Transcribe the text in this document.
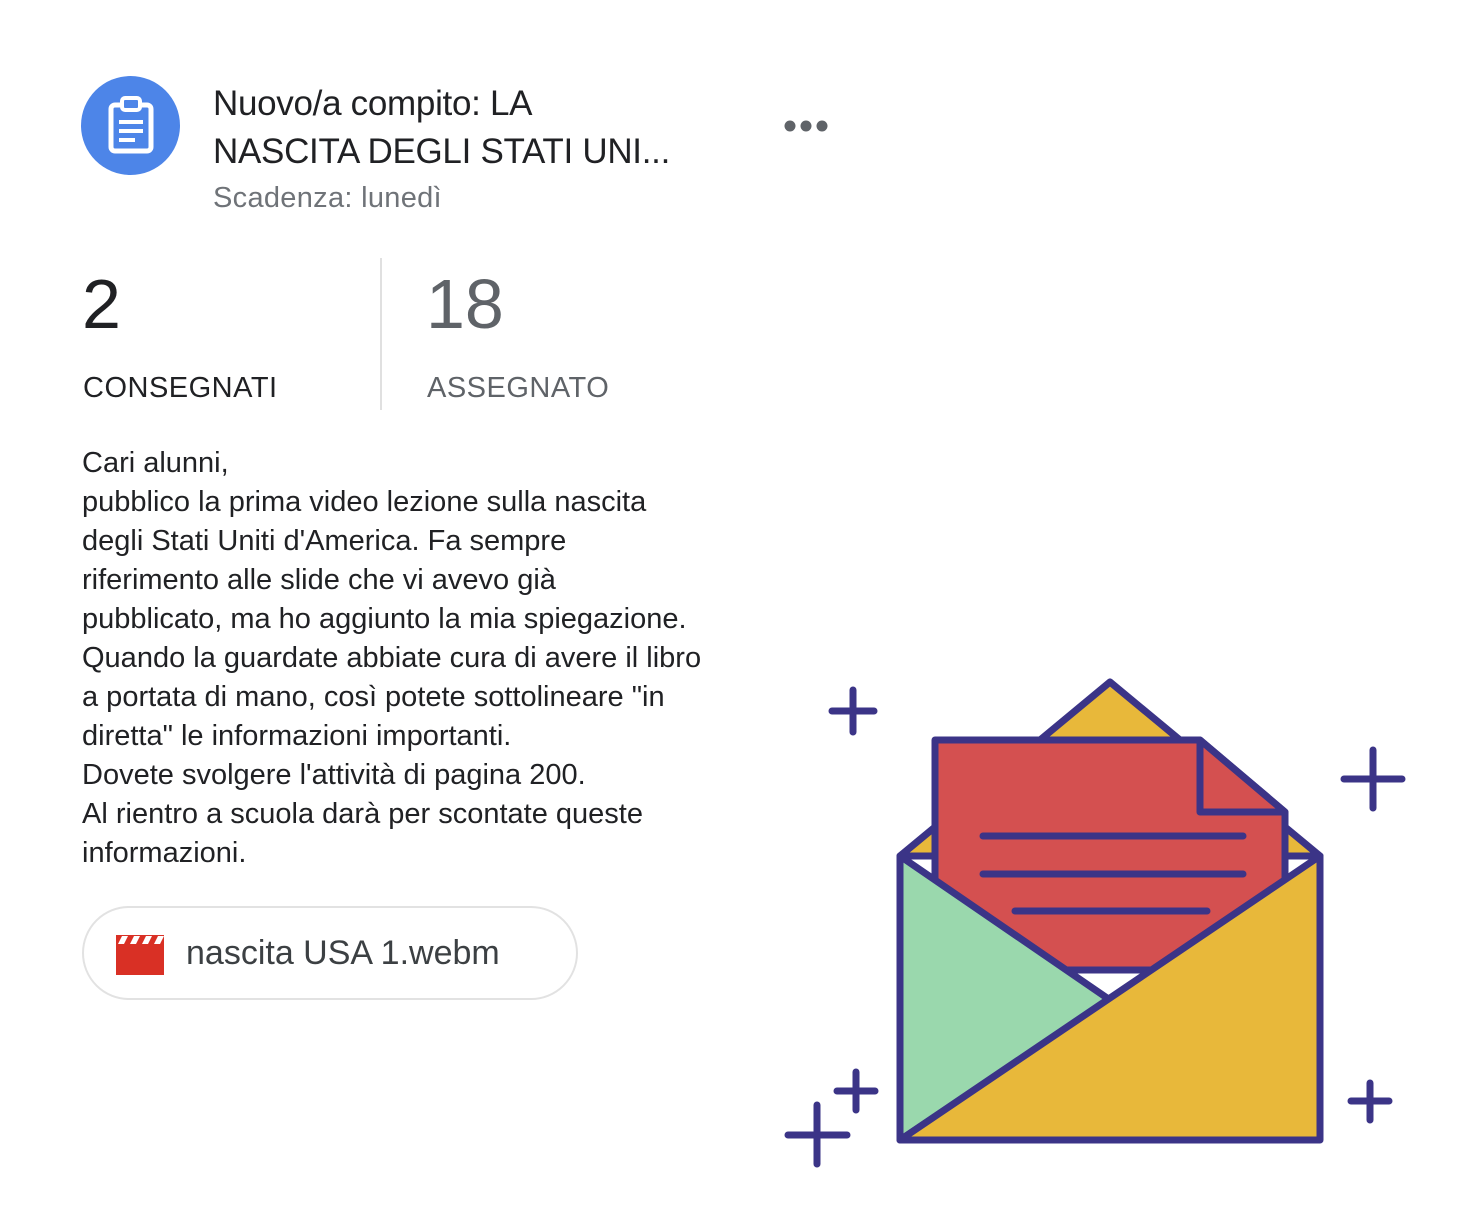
Nuovo/a compito: LA
NASCITA DEGLI STATI UNI...
Scadenza: lunedì
2
CONSEGNATI
18
ASSEGNATO
Cari alunni,
pubblico la prima video lezione sulla nascita
degli Stati Uniti d'America. Fa sempre
riferimento alle slide che vi avevo già
pubblicato, ma ho aggiunto la mia spiegazione.
Quando la guardate abbiate cura di avere il libro
a portata di mano, così potete sottolineare "in
diretta" le informazioni importanti.
Dovete svolgere l'attività di pagina 200.
Al rientro a scuola darà per scontate queste
informazioni.
nascita USA 1.webm
